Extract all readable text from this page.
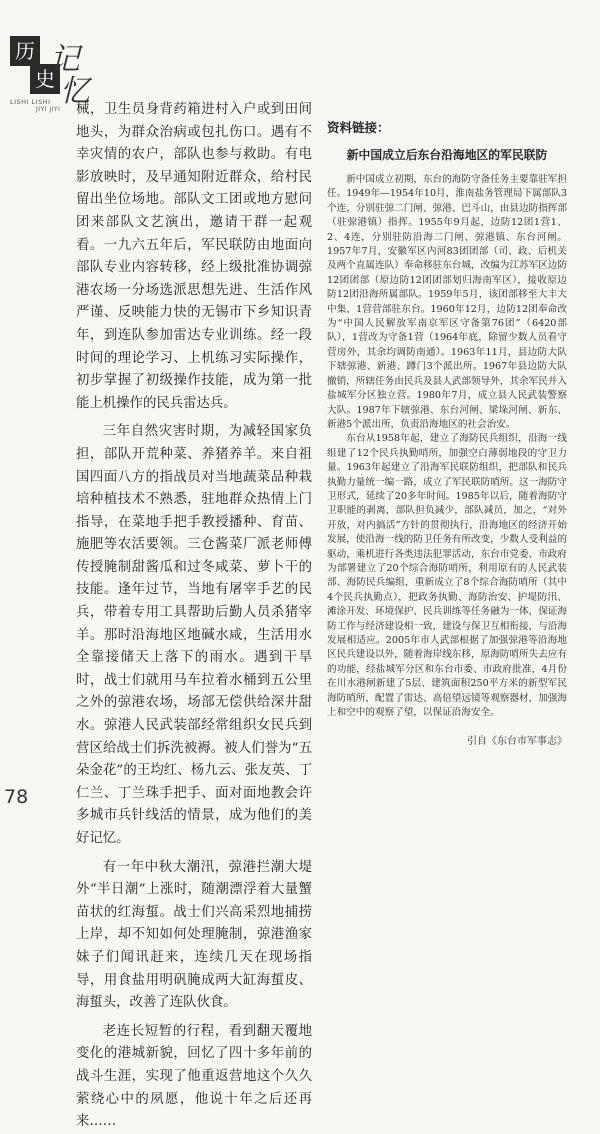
历
史
记
忆
LISHI LISHI
JIYI JIYI 械，卫生员身背药箱进村入户或到田间地头，为群众治病或包扎伤口。遇有不幸灾情的农户，部队也参与救助。有电影放映时，及早通知附近群众，给村民留出坐位场地。部队文工团或地方慰问团来部队文艺演出，邀请干群一起观看。一九六五年后，军民联防由地面向部队专业内容转移，经上级批准协调弶港农场一分场选派思想先进、生活作风严谨、反映能力快的无锡市下乡知识青年，到连队参加雷达专业训练。经一段时间的理论学习、上机练习实际操作，初步掌握了初级操作技能，成为第一批能上机操作的民兵雷达兵。

三年自然灾害时期，为减轻国家负担，部队开荒种菜、养猪养羊。来自祖国四面八方的指战员对当地蔬菜品种栽培种植技术不熟悉，驻地群众热情上门指导，在菜地手把手教授播种、育苗、施肥等农活要领。三仓酱菜厂派老师傅传授腌制甜酱瓜和过冬咸菜、萝卜干的技能。逢年过节，当地有屠宰手艺的民兵，带着专用工具帮助后勤人员杀猪宰羊。那时沿海地区地碱水咸，生活用水全靠接储天上落下的雨水。遇到干旱时，战士们就用马车拉着水桶到五公里之外的弶港农场，场部无偿供给深井甜水。弶港人民武装部经常组织女民兵到营区给战士们拆洗被褥。被人们誉为“五朵金花”的王均红、杨九云、张友英、丁仁兰、丁兰珠手把手、面对面地教会许多城市兵针线活的情景，成为他们的美好记忆。

有一年中秋大潮汛，弶港拦潮大堤外“半日潮”上涨时，随潮漂浮着大量蟹苗状的红海蜇。战士们兴高采烈地捕捞上岸，却不知如何处理腌制，弶港渔家妹子们闻讯赶来，连续几天在现场指导，用食盐用明矾腌成两大缸海蜇皮、海蜇头，改善了连队伙食。

老连长短暂的行程，看到翻天覆地变化的港城新貌，回忆了四十多年前的战斗生涯，实现了他重返营地这个久久萦绕心中的夙愿，他说十年之后还再来……

资料链接：
新中国成立后东台沿海地区的军民联防

新中国成立初期，东台的海防守备任务主要靠驻军担任。1949年—1954年10月，淮南盐务管理局下属部队3个连，分别驻弶二门闸、弶港、巴斗山，由县边防指挥部（驻弶港镇）指挥。1955年9月起，边防12团1营1、2、4连，分别驻防沿海二门闸、弶港镇、东台河闸。1957年7月，安徽军区内河83团团部（司、政、后机关及两个直属连队）奉命移驻东台城，改编为江苏军区边防12团团部（原边防12团团部划归海南军区），接收原边防12团沿海所属部队。1959年5月，该团部移至大丰大中集，1营营部驻东台。1960年12月，边防12团奉命改为“中国人民解放军南京军区守备第76团”（6420部队），1营改为守备1营（1964年底，除留少数人员看守营房外，其余均调防南通）。1963年11月，县边防大队下辖弶港、新港、蹲门3个派出所。1967年县边防大队撤销，所辖任务由民兵及县人武部领导外，其余军民并入盐城军分区独立营。1980年7月，成立县人民武装警察大队。1987年下辖弶港、东台河闸、梁垛河闸、新东、新港5个派出所，负责沿海地区的社会治安。

东台从1958年起，建立了海防民兵组织，沿海一线组建了12个民兵执勤哨所，加强空白薄弱地段的守卫力量。1963年起建立了沿海军民联防组织，把部队和民兵执勤力量统一编一路，成立了军民联防哨所。这一海防守卫形式，延续了20多年时间。1985年以后，随着海防守卫职能的剥离，部队担负减少，部队减员，加之，“对外开放，对内搞活”方针的贯彻执行，沿海地区的经济开始发展，使沿海一线的防卫任务有所改变，少数人受利益的驱动，乘机进行各类违法犯罪活动，东台市党委、市政府为部署建立了20个综合海防哨所，利用原有的人民武装部、海防民兵编组，重新成立了8个综合海防哨所（其中4个民兵执勤点），把政务执勤、海防治安、护堤防汛、滩涂开发、环境保护、民兵训练等任务融为一体，保证海防工作与经济建设相一致，建设与保卫互相衔接，与沿海发展相适应。2005年市人武部根据了加强弶港等沿海地区民兵建设以外，随着海岸线东移，原海防哨所失去应有的功能，经盐城军分区和东台市委、市政府批准，4月份在川水港闸新建了5层、建筑面积250平方米的新型军民海防哨所，配置了雷达、高倍望远镜等观察器材，加强海上和空中的观察了望，以保证沿海安全。

引自《东台市军事志》
78
